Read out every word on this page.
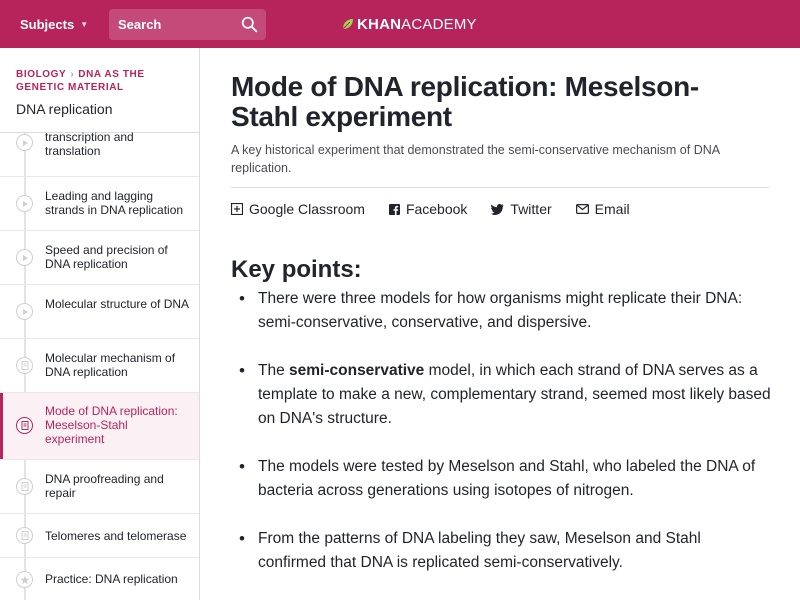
Subjects ▼
Search	KHAN ACADEMY
BIOLOGY › DNA AS THE GENETIC MATERIAL
DNA replication
transcription and translation
Leading and lagging strands in DNA replication
Speed and precision of DNA replication
Molecular structure of DNA
Molecular mechanism of DNA replication
Mode of DNA replication: Meselson-Stahl experiment
DNA proofreading and repair
Telomeres and telomerase
Practice: DNA replication
Mode of DNA replication: Meselson-Stahl experiment
A key historical experiment that demonstrated the semi-conservative mechanism of DNA replication.
Google Classroom	Facebook	Twitter	Email
Key points:
• There were three models for how organisms might replicate their DNA: semi-conservative, conservative, and dispersive.
• The semi-conservative model, in which each strand of DNA serves as a template to make a new, complementary strand, seemed most likely based on DNA's structure.
• The models were tested by Meselson and Stahl, who labeled the DNA of bacteria across generations using isotopes of nitrogen.
• From the patterns of DNA labeling they saw, Meselson and Stahl confirmed that DNA is replicated semi-conservatively.
